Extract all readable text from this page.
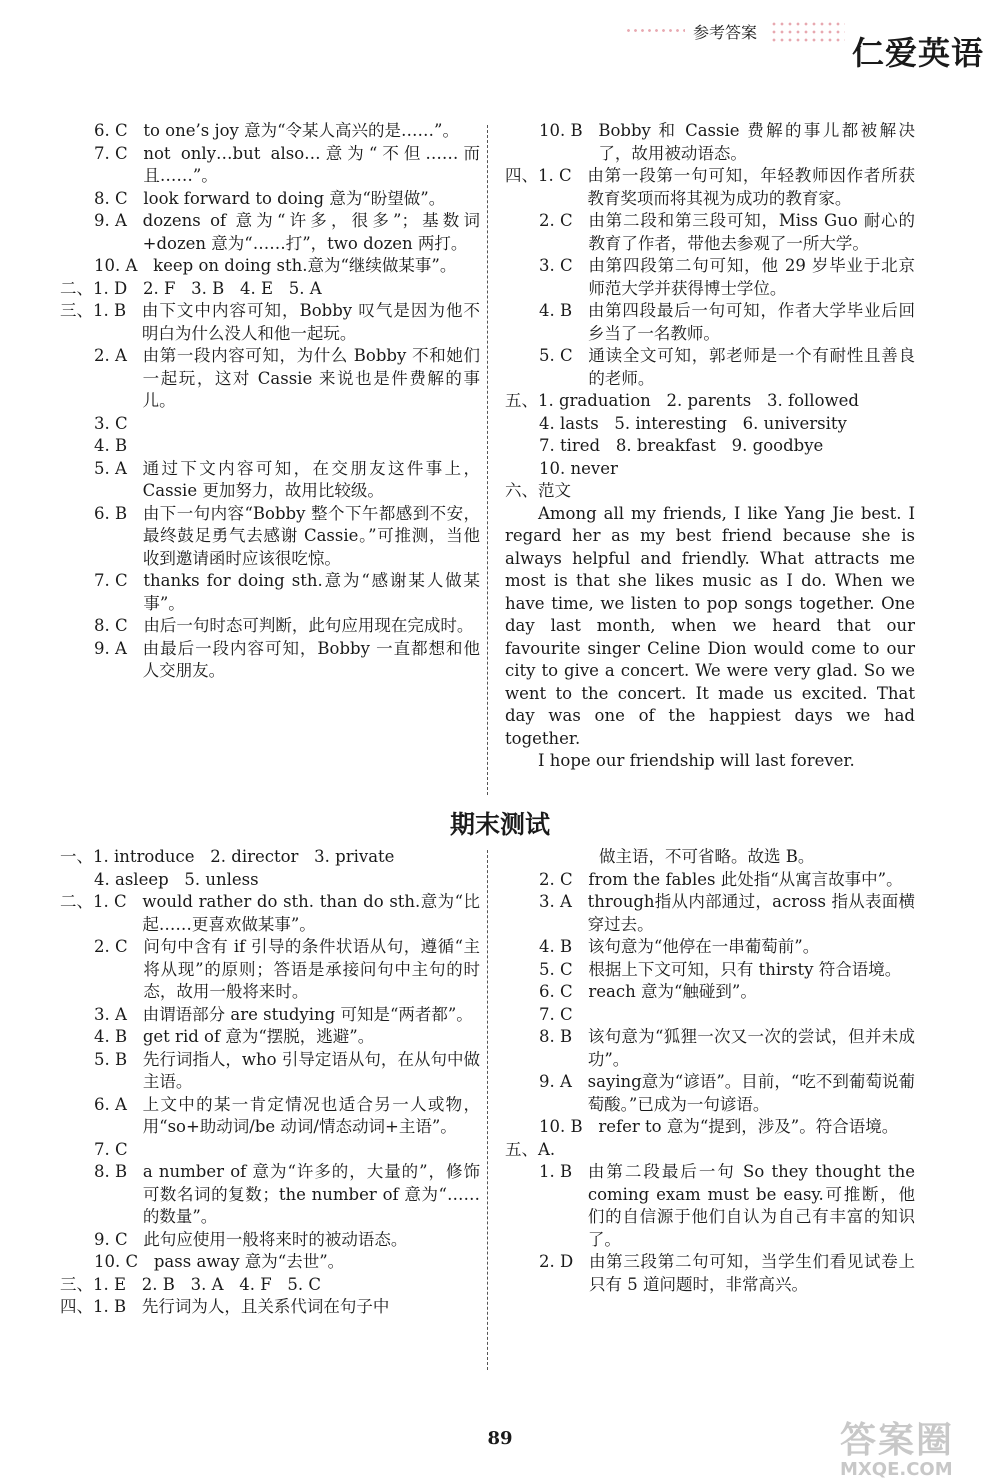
参考答案
仁爱英语
6. C to one’s joy 意为“令某人高兴的是……”。
7. C not only…but also…意为“不但……而且……”。
8. C look forward to doing 意为“盼望做”。
9. A dozens of 意为“许多，很多”；基数词+dozen 意为“……打”，two dozen 两打。
10. A keep on doing sth.意为“继续做某事”。
二、1. D   2. F   3. B   4. E   5. A
三、1. B 由下文中内容可知，Bobby 叹气是因为他不明白为什么没人和他一起玩。
2. A 由第一段内容可知，为什么 Bobby 不和她们一起玩，这对 Cassie 来说也是件费解的事儿。
3. C
4. B
5. A 通过下文内容可知，在交朋友这件事上，Cassie 更加努力，故用比较级。
6. B 由下一句内容“Bobby 整个下午都感到不安，最终鼓足勇气去感谢 Cassie。”可推测，当他收到邀请函时应该很吃惊。
7. C thanks for doing sth.意为“感谢某人做某事”。
8. C 由后一句时态可判断，此句应用现在完成时。
9. A 由最后一段内容可知，Bobby 一直都想和他人交朋友。
10. B Bobby 和 Cassie 费解的事儿都被解决了，故用被动语态。
四、1. C 由第一段第一句可知，年轻教师因作者所获教育奖项而将其视为成功的教育家。
2. C 由第二段和第三段可知，Miss Guo 耐心的教育了作者，带他去参观了一所大学。
3. C 由第四段第二句可知，他 29 岁毕业于北京师范大学并获得博士学位。
4. B 由第四段最后一句可知，作者大学毕业后回乡当了一名教师。
5. C 通读全文可知，郭老师是一个有耐性且善良的老师。
五、1. graduation   2. parents   3. followed
4. lasts   5. interesting   6. university
7. tired   8. breakfast   9. goodbye
10. never
六、范文

Among all my friends, I like Yang Jie best. I regard her as my best friend because she is always helpful and friendly. What attracts me most is that she likes music as I do. When we have time, we listen to pop songs together. One day last month, when we heard that our favourite singer Celine Dion would come to our city to give a concert. We were very glad. So we went to the concert. It made us excited. That day was one of the happiest days we had together.

I hope our friendship will last forever.

期末测试
一、1. introduce   2. director   3. private
4. asleep   5. unless
二、1. C would rather do sth. than do sth.意为“比起……更喜欢做某事”。
2. C 问句中含有 if 引导的条件状语从句，遵循“主将从现”的原则；答语是承接问句中主句的时态，故用一般将来时。
3. A 由谓语部分 are studying 可知是“两者都”。
4. B get rid of 意为“摆脱，逃避”。
5. B 先行词指人，who 引导定语从句，在从句中做主语。
6. A 上文中的某一肯定情况也适合另一人或物，用“so+助动词/be 动词/情态动词+主语”。
7. C
8. B a number of 意为“许多的，大量的”，修饰可数名词的复数；the number of 意为“……的数量”。
9. C 此句应使用一般将来时的被动语态。
10. C pass away 意为“去世”。
三、1. E   2. B   3. A   4. F   5. C
四、1. B 先行词为人，且关系代词在句子中
做主语，不可省略。故选 B。
2. C from the fables 此处指“从寓言故事中”。
3. A through指从内部通过，across 指从表面横穿过去。
4. B 该句意为“他停在一串葡萄前”。
5. C 根据上下文可知，只有 thirsty 符合语境。
6. C reach 意为“触碰到”。
7. C
8. B 该句意为“狐狸一次又一次的尝试，但并未成功”。
9. A saying意为“谚语”。目前，“吃不到葡萄说葡萄酸。”已成为一句谚语。
10. B refer to 意为“提到，涉及”。符合语境。
五、A.
1. B 由第二段最后一句 So they thought the coming exam must be easy.可推断，他们的自信源于他们自认为自己有丰富的知识了。
2. D 由第三段第二句可知，当学生们看见试卷上只有 5 道问题时，非常高兴。
89	答案圈
MXQE.COM
